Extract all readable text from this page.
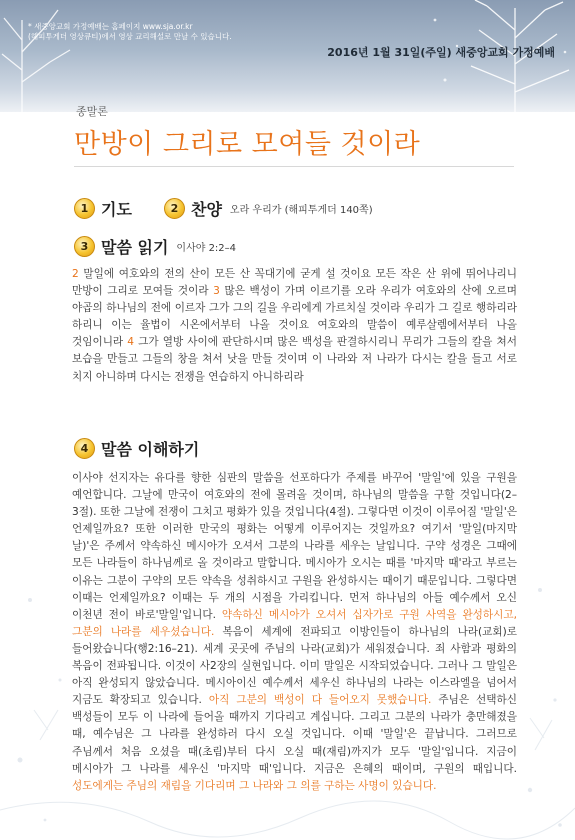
* 새중앙교회 가정예배는 홈페이지 www.sja.or.kr
(해피투게더 영상큐티)에서 영상 교리해설로 만날 수 있습니다.
2016년 1월 31일(주일) 새중앙교회 가정예배
종말론
만방이 그리로 모여들 것이라
1 기도	2 찬양 오라 우리가 (해피투게더 140쪽)
3 말씀 읽기 이사야 2:2–4
2 말일에 여호와의 전의 산이 모든 산 꼭대기에 굳게 설 것이요 모든 작은 산 위에 뛰어나리니 만방이 그리로 모여들 것이라 3 많은 백성이 가며 이르기를 오라 우리가 여호와의 산에 오르며 야곱의 하나님의 전에 이르자 그가 그의 길을 우리에게 가르치실 것이라 우리가 그 길로 행하리라 하리니 이는 율법이 시온에서부터 나올 것이요 여호와의 말씀이 예루살렘에서부터 나올 것임이니라 4 그가 열방 사이에 판단하시며 많은 백성을 판결하시리니 무리가 그들의 칼을 쳐서 보습을 만들고 그들의 창을 쳐서 낫을 만들 것이며 이 나라와 저 나라가 다시는 칼을 들고 서로 치지 아니하며 다시는 전쟁을 연습하지 아니하리라
4 말씀 이해하기
이사야 선지자는 유다를 향한 심판의 말씀을 선포하다가 주제를 바꾸어 '말일'에 있을 구원을 예언합니다. 그날에 만국이 여호와의 전에 몰려올 것이며, 하나님의 말씀을 구할 것입니다(2–3절). 또한 그날에 전쟁이 그치고 평화가 있을 것입니다(4절). 그렇다면 이것이 이루어질 '말일'은 언제일까요? 또한 이러한 만국의 평화는 어떻게 이루어지는 것일까요? 여기서 '말일(마지막 날)'은 주께서 약속하신 메시아가 오셔서 그분의 나라를 세우는 날입니다. 구약 성경은 그때에 모든 나라들이 하나님께로 올 것이라고 말합니다. 메시아가 오시는 때를 '마지막 때'라고 부르는 이유는 그분이 구약의 모든 약속을 성취하시고 구원을 완성하시는 때이기 때문입니다. 그렇다면 이때는 언제일까요? 이때는 두 개의 시점을 가리킵니다. 먼저 하나님의 아들 예수께서 오신 이천년 전이 바로'말일'입니다. 약속하신 메시아가 오셔서 십자가로 구원 사역을 완성하시고, 그분의 나라를 세우셨습니다. 복음이 세계에 전파되고 이방인들이 하나님의 나라(교회)로 들어왔습니다(행2:16–21). 세계 곳곳에 주님의 나라(교회)가 세워졌습니다. 죄 사함과 평화의 복음이 전파됩니다. 이것이 사2장의 실현입니다. 이미 말일은 시작되었습니다. 그러나 그 말일은 아직 완성되지 않았습니다. 메시아이신 예수께서 세우신 하나님의 나라는 이스라엘을 넘어서 지금도 확장되고 있습니다. 아직 그분의 백성이 다 들어오지 못했습니다. 주님은 선택하신 백성들이 모두 이 나라에 들어올 때까지 기다리고 계십니다. 그리고 그분의 나라가 충만해졌을 때, 예수님은 그 나라를 완성하러 다시 오실 것입니다. 이때 '말일'은 끝납니다. 그러므로 주님께서 처음 오셨을 때(초림)부터 다시 오실 때(재림)까지가 모두 '말일'입니다. 지금이 메시아가 그 나라를 세우신 '마지막 때'입니다. 지금은 은혜의 때이며, 구원의 때입니다. 성도에게는 주님의 재림을 기다리며 그 나라와 그 의를 구하는 사명이 있습니다.
